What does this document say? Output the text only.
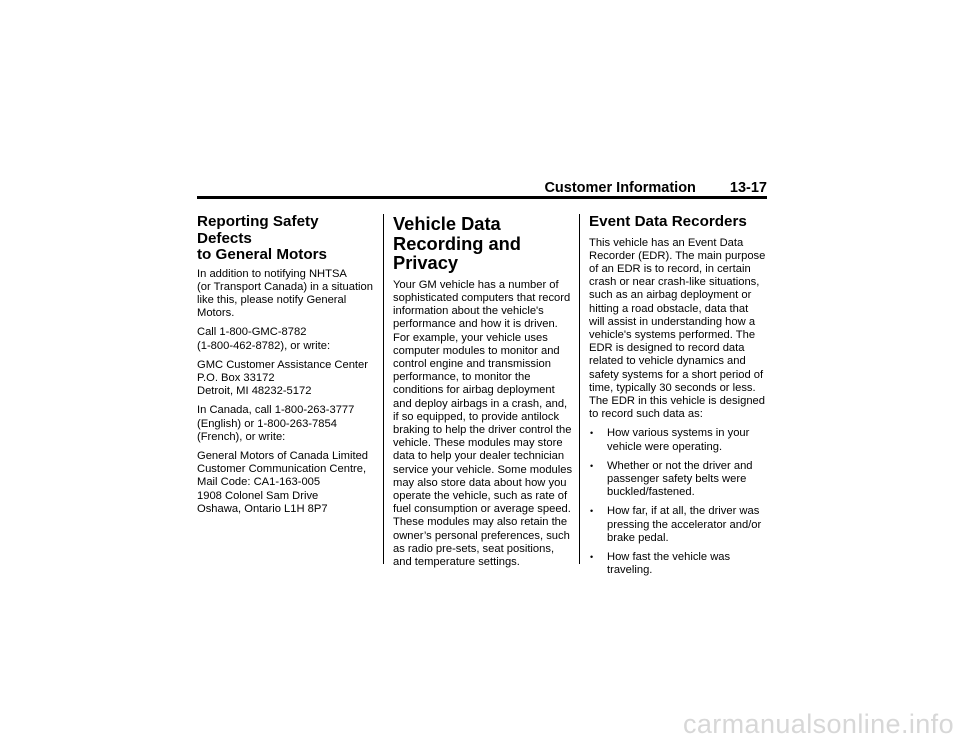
Customer Information 13-17
Reporting Safety Defects
to General Motors

In addition to notifying NHTSA
(or Transport Canada) in a situation
like this, please notify General
Motors.

Call 1-800-GMC-8782
(1-800-462-8782), or write:

GMC Customer Assistance Center
P.O. Box 33172
Detroit, MI 48232-5172

In Canada, call 1-800-263-3777
(English) or 1-800-263-7854
(French), or write:

General Motors of Canada Limited
Customer Communication Centre,
Mail Code: CA1-163-005
1908 Colonel Sam Drive
Oshawa, Ontario L1H 8P7

Vehicle Data
Recording and
Privacy

Your GM vehicle has a number of
sophisticated computers that record
information about the vehicle's
performance and how it is driven.
For example, your vehicle uses
computer modules to monitor and
control engine and transmission
performance, to monitor the
conditions for airbag deployment
and deploy airbags in a crash, and,
if so equipped, to provide antilock
braking to help the driver control the
vehicle. These modules may store
data to help your dealer technician
service your vehicle. Some modules
may also store data about how you
operate the vehicle, such as rate of
fuel consumption or average speed.
These modules may also retain the
owner’s personal preferences, such
as radio pre-sets, seat positions,
and temperature settings.

Event Data Recorders

This vehicle has an Event Data
Recorder (EDR). The main purpose
of an EDR is to record, in certain
crash or near crash-like situations,
such as an airbag deployment or
hitting a road obstacle, data that
will assist in understanding how a
vehicle's systems performed. The
EDR is designed to record data
related to vehicle dynamics and
safety systems for a short period of
time, typically 30 seconds or less.
The EDR in this vehicle is designed
to record such data as:

• How various systems in your
vehicle were operating.
• Whether or not the driver and
passenger safety belts were
buckled/fastened.
• How far, if at all, the driver was
pressing the accelerator and/or
brake pedal.
• How fast the vehicle was
traveling.
carmanualsonline.info
